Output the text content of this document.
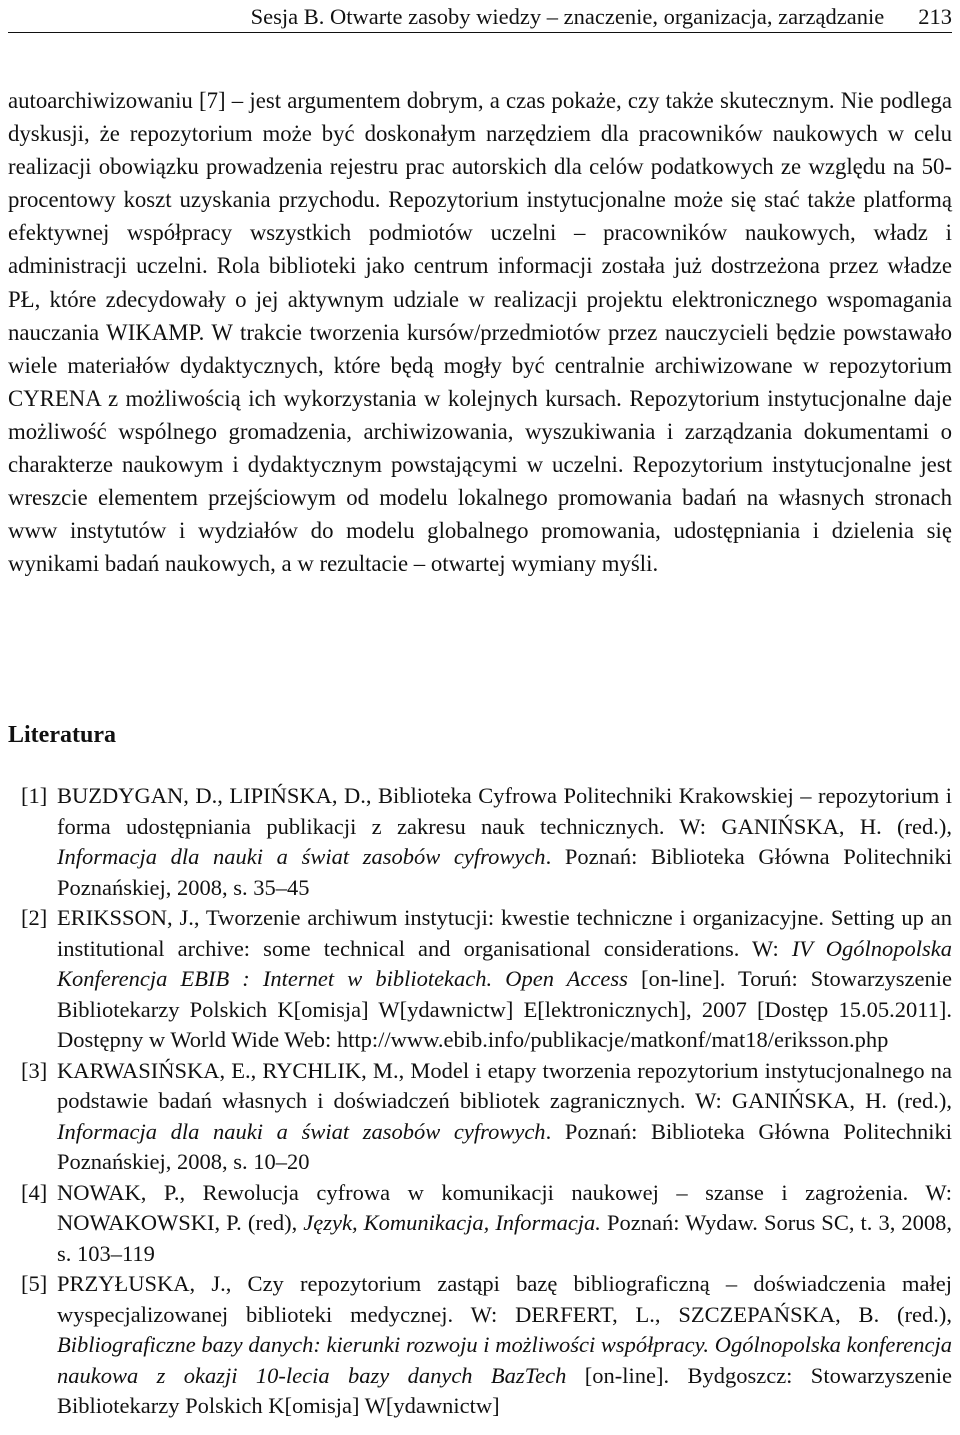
Sesja B. Otwarte zasoby wiedzy – znaczenie, organizacja, zarządzanie 213

autoarchiwizowaniu [7] – jest argumentem dobrym, a czas pokaże, czy także skutecznym. Nie podlega dyskusji, że repozytorium może być doskonałym narzędziem dla pracowników naukowych w celu realizacji obowiązku prowadzenia rejestru prac autorskich dla celów podatkowych ze względu na 50-procentowy koszt uzyskania przychodu. Repozytorium instytucjonalne może się stać także platformą efektywnej współpracy wszystkich podmiotów uczelni – pracowników naukowych, władz i administracji uczelni. Rola biblioteki jako centrum informacji została już dostrzeżona przez władze PŁ, które zdecydowały o jej aktywnym udziale w realizacji projektu elektronicznego wspomagania nauczania WIKAMP. W trakcie tworzenia kursów/przedmiotów przez nauczycieli będzie powstawało wiele materiałów dydaktycznych, które będą mogły być centralnie archiwizowane w repozytorium CYRENA z możliwością ich wykorzystania w kolejnych kursach. Repozytorium instytucjonalne daje możliwość wspólnego gromadzenia, archiwizowania, wyszukiwania i zarządzania dokumentami o charakterze naukowym i dydaktycznym powstającymi w uczelni. Repozytorium instytucjonalne jest wreszcie elementem przejściowym od modelu lokalnego promowania badań na własnych stronach www instytutów i wydziałów do modelu globalnego promowania, udostępniania i dzielenia się wynikami badań naukowych, a w rezultacie – otwartej wymiany myśli.

Literatura
[1] BUZDYGAN, D., LIPIŃSKA, D., Biblioteka Cyfrowa Politechniki Krakowskiej – repozytorium i forma udostępniania publikacji z zakresu nauk technicznych. W: GANIŃSKA, H. (red.), Informacja dla nauki a świat zasobów cyfrowych. Poznań: Biblioteka Główna Politechniki Poznańskiej, 2008, s. 35–45
[2] ERIKSSON, J., Tworzenie archiwum instytucji: kwestie techniczne i organizacyjne. Setting up an institutional archive: some technical and organisational considerations. W: IV Ogólnopolska Konferencja EBIB : Internet w bibliotekach. Open Access [on-line]. Toruń: Stowarzyszenie Bibliotekarzy Polskich K[omisja] W[ydawnictw] E[lektronicznych], 2007 [Dostęp 15.05.2011]. Dostępny w World Wide Web: http://www.ebib.info/publikacje/matkonf/mat18/eriksson.php
[3] KARWASIŃSKA, E., RYCHLIK, M., Model i etapy tworzenia repozytorium instytucjonalnego na podstawie badań własnych i doświadczeń bibliotek zagranicznych. W: GANIŃSKA, H. (red.), Informacja dla nauki a świat zasobów cyfrowych. Poznań: Biblioteka Główna Politechniki Poznańskiej, 2008, s. 10–20
[4] NOWAK, P., Rewolucja cyfrowa w komunikacji naukowej – szanse i zagrożenia. W: NOWAKOWSKI, P. (red), Język, Komunikacja, Informacja. Poznań: Wydaw. Sorus SC, t. 3, 2008, s. 103–119
[5] PRZYŁUSKA, J., Czy repozytorium zastąpi bazę bibliograficzną – doświadczenia małej wyspecjalizowanej biblioteki medycznej. W: DERFERT, L., SZCZEPAŃSKA, B. (red.), Bibliograficzne bazy danych: kierunki rozwoju i możliwości współpracy. Ogólnopolska konferencja naukowa z okazji 10-lecia bazy danych BazTech [on-line]. Bydgoszcz: Stowarzyszenie Bibliotekarzy Polskich K[omisja] W[ydawnictw]
